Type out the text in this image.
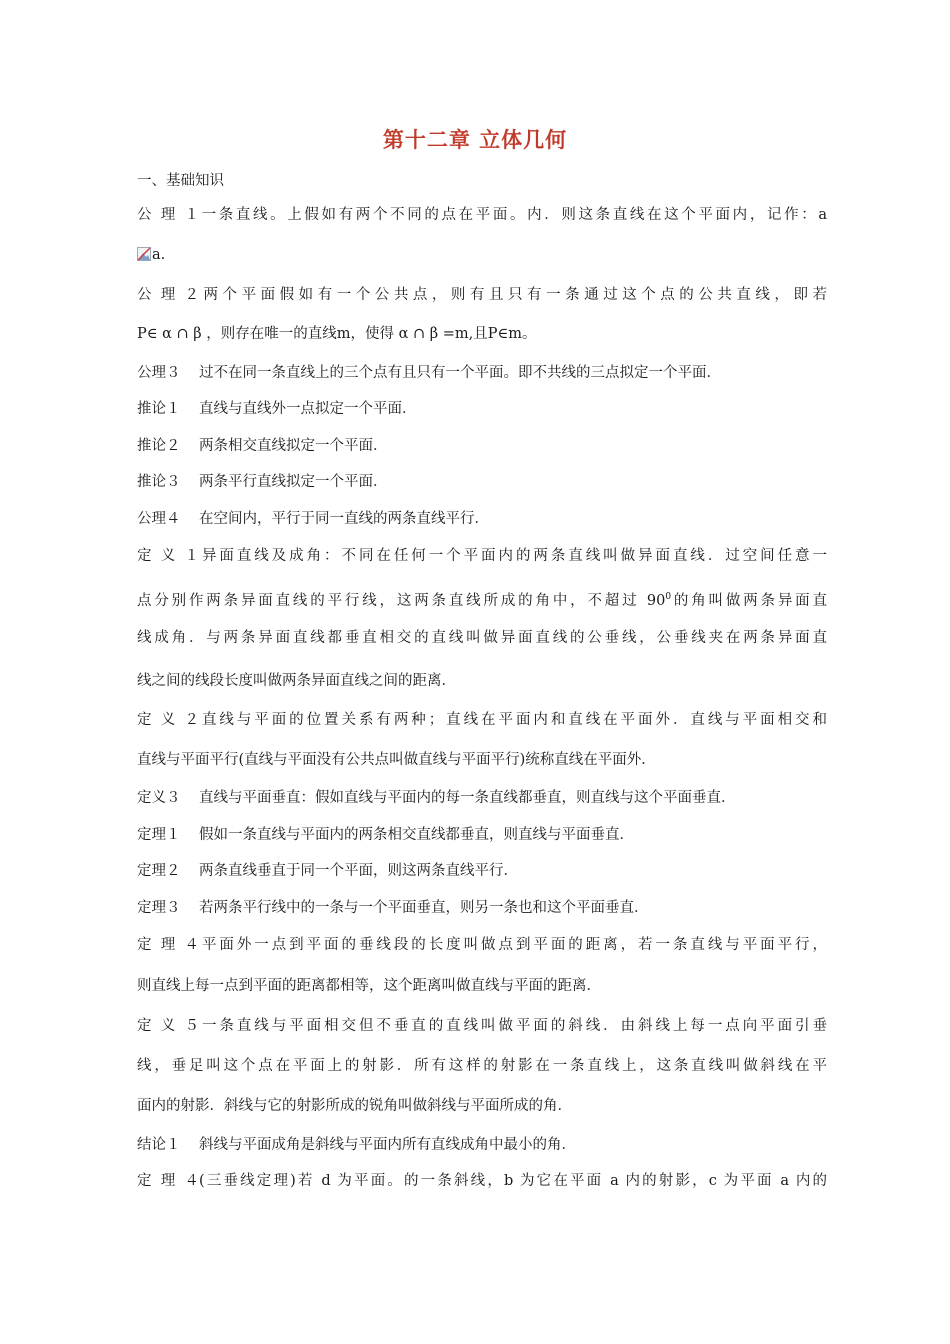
第十二章 立体几何
一、基础知识
公理１一条直线。上假如有两个不同的点在平面。内．则这条直线在这个平面内，记作：a
a.
公理２两个平面假如有一个公共点，则有且只有一条通过这个点的公共直线，即若
P∈ α ∩ β ，则存在唯一的直线m，使得 α ∩ β =m,且P∈m。
公理３ 过不在同一条直线上的三个点有且只有一个平面。即不共线的三点拟定一个平面．
推论１ 直线与直线外一点拟定一个平面．
推论２ 两条相交直线拟定一个平面．
推论３ 两条平行直线拟定一个平面．
公理４ 在空间内，平行于同一直线的两条直线平行．
定义１异面直线及成角：不同在任何一个平面内的两条直线叫做异面直线．过空间任意一
点分别作两条异面直线的平行线，这两条直线所成的角中，不超过 $90^0$的角叫做两条异面直
线成角．与两条异面直线都垂直相交的直线叫做异面直线的公垂线，公垂线夹在两条异面直
线之间的线段长度叫做两条异面直线之间的距离．
定义２直线与平面的位置关系有两种；直线在平面内和直线在平面外．直线与平面相交和
直线与平面平行(直线与平面没有公共点叫做直线与平面平行)统称直线在平面外．
定义３ 直线与平面垂直：假如直线与平面内的每一条直线都垂直，则直线与这个平面垂直．
定理１ 假如一条直线与平面内的两条相交直线都垂直，则直线与平面垂直．
定理２ 两条直线垂直于同一个平面，则这两条直线平行．
定理３ 若两条平行线中的一条与一个平面垂直，则另一条也和这个平面垂直．
定理４平面外一点到平面的垂线段的长度叫做点到平面的距离，若一条直线与平面平行，
则直线上每一点到平面的距离都相等，这个距离叫做直线与平面的距离．
定义５一条直线与平面相交但不垂直的直线叫做平面的斜线．由斜线上每一点向平面引垂
线，垂足叫这个点在平面上的射影．所有这样的射影在一条直线上，这条直线叫做斜线在平
面内的射影．斜线与它的射影所成的锐角叫做斜线与平面所成的角．
结论１ 斜线与平面成角是斜线与平面内所有直线成角中最小的角．
定理４(三垂线定理)若 d 为平面。的一条斜线，b 为它在平面 a 内的射影，c 为平面 a 内的
